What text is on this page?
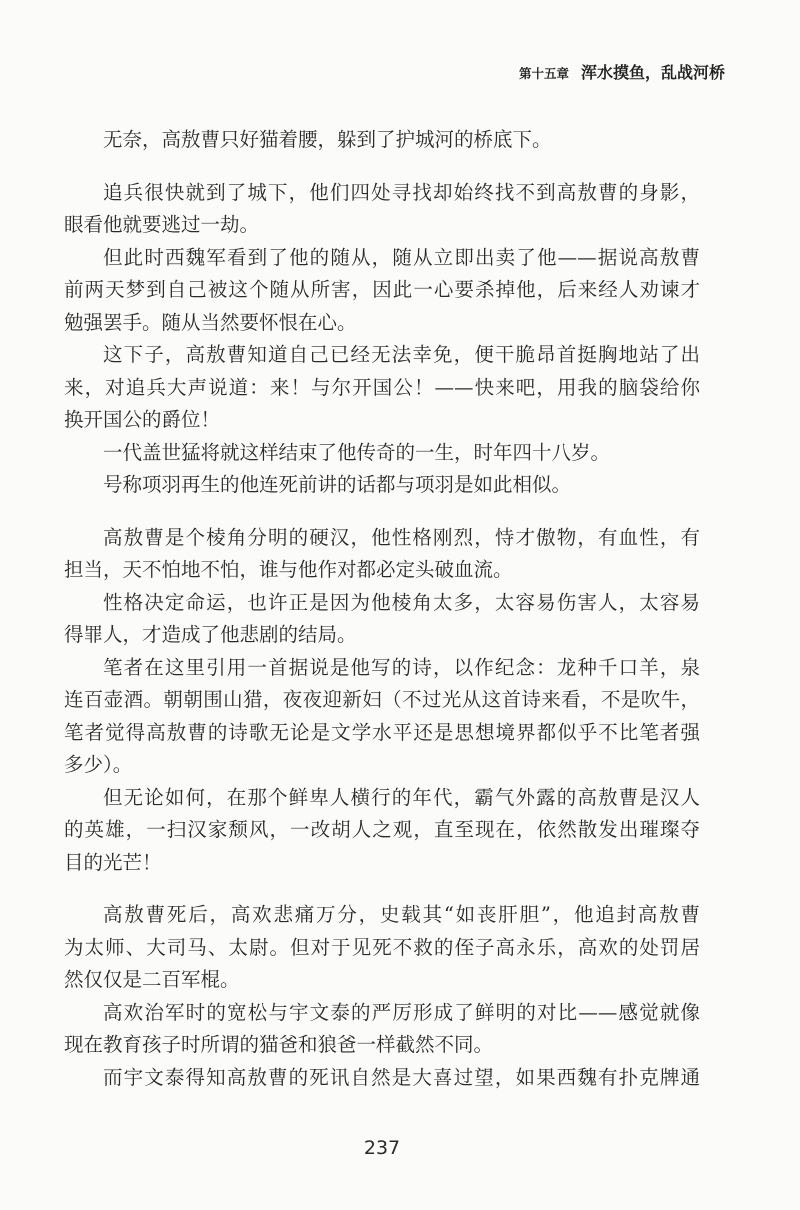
第十五章 浑水摸鱼，乱战河桥

无奈，高敖曹只好猫着腰，躲到了护城河的桥底下。

追兵很快就到了城下，他们四处寻找却始终找不到高敖曹的身影，
眼看他就要逃过一劫。

但此时西魏军看到了他的随从，随从立即出卖了他——据说高敖曹
前两天梦到自己被这个随从所害，因此一心要杀掉他，后来经人劝谏才
勉强罢手。随从当然要怀恨在心。

这下子，高敖曹知道自己已经无法幸免，便干脆昂首挺胸地站了出
来，对追兵大声说道：来！与尔开国公！——快来吧，用我的脑袋给你
换开国公的爵位！

一代盖世猛将就这样结束了他传奇的一生，时年四十八岁。

号称项羽再生的他连死前讲的话都与项羽是如此相似。

高敖曹是个棱角分明的硬汉，他性格刚烈，恃才傲物，有血性，有
担当，天不怕地不怕，谁与他作对都必定头破血流。

性格决定命运，也许正是因为他棱角太多，太容易伤害人，太容易
得罪人，才造成了他悲剧的结局。

笔者在这里引用一首据说是他写的诗，以作纪念：龙种千口羊，泉
连百壶酒。朝朝围山猎，夜夜迎新妇（不过光从这首诗来看，不是吹牛，
笔者觉得高敖曹的诗歌无论是文学水平还是思想境界都似乎不比笔者强
多少）。

但无论如何，在那个鲜卑人横行的年代，霸气外露的高敖曹是汉人
的英雄，一扫汉家颓风，一改胡人之观，直至现在，依然散发出璀璨夺
目的光芒！

高敖曹死后，高欢悲痛万分，史载其“如丧肝胆”，他追封高敖曹
为太师、大司马、太尉。但对于见死不救的侄子高永乐，高欢的处罚居
然仅仅是二百军棍。

高欢治军时的宽松与宇文泰的严厉形成了鲜明的对比——感觉就像
现在教育孩子时所谓的猫爸和狼爸一样截然不同。

而宇文泰得知高敖曹的死讯自然是大喜过望，如果西魏有扑克牌通

237
